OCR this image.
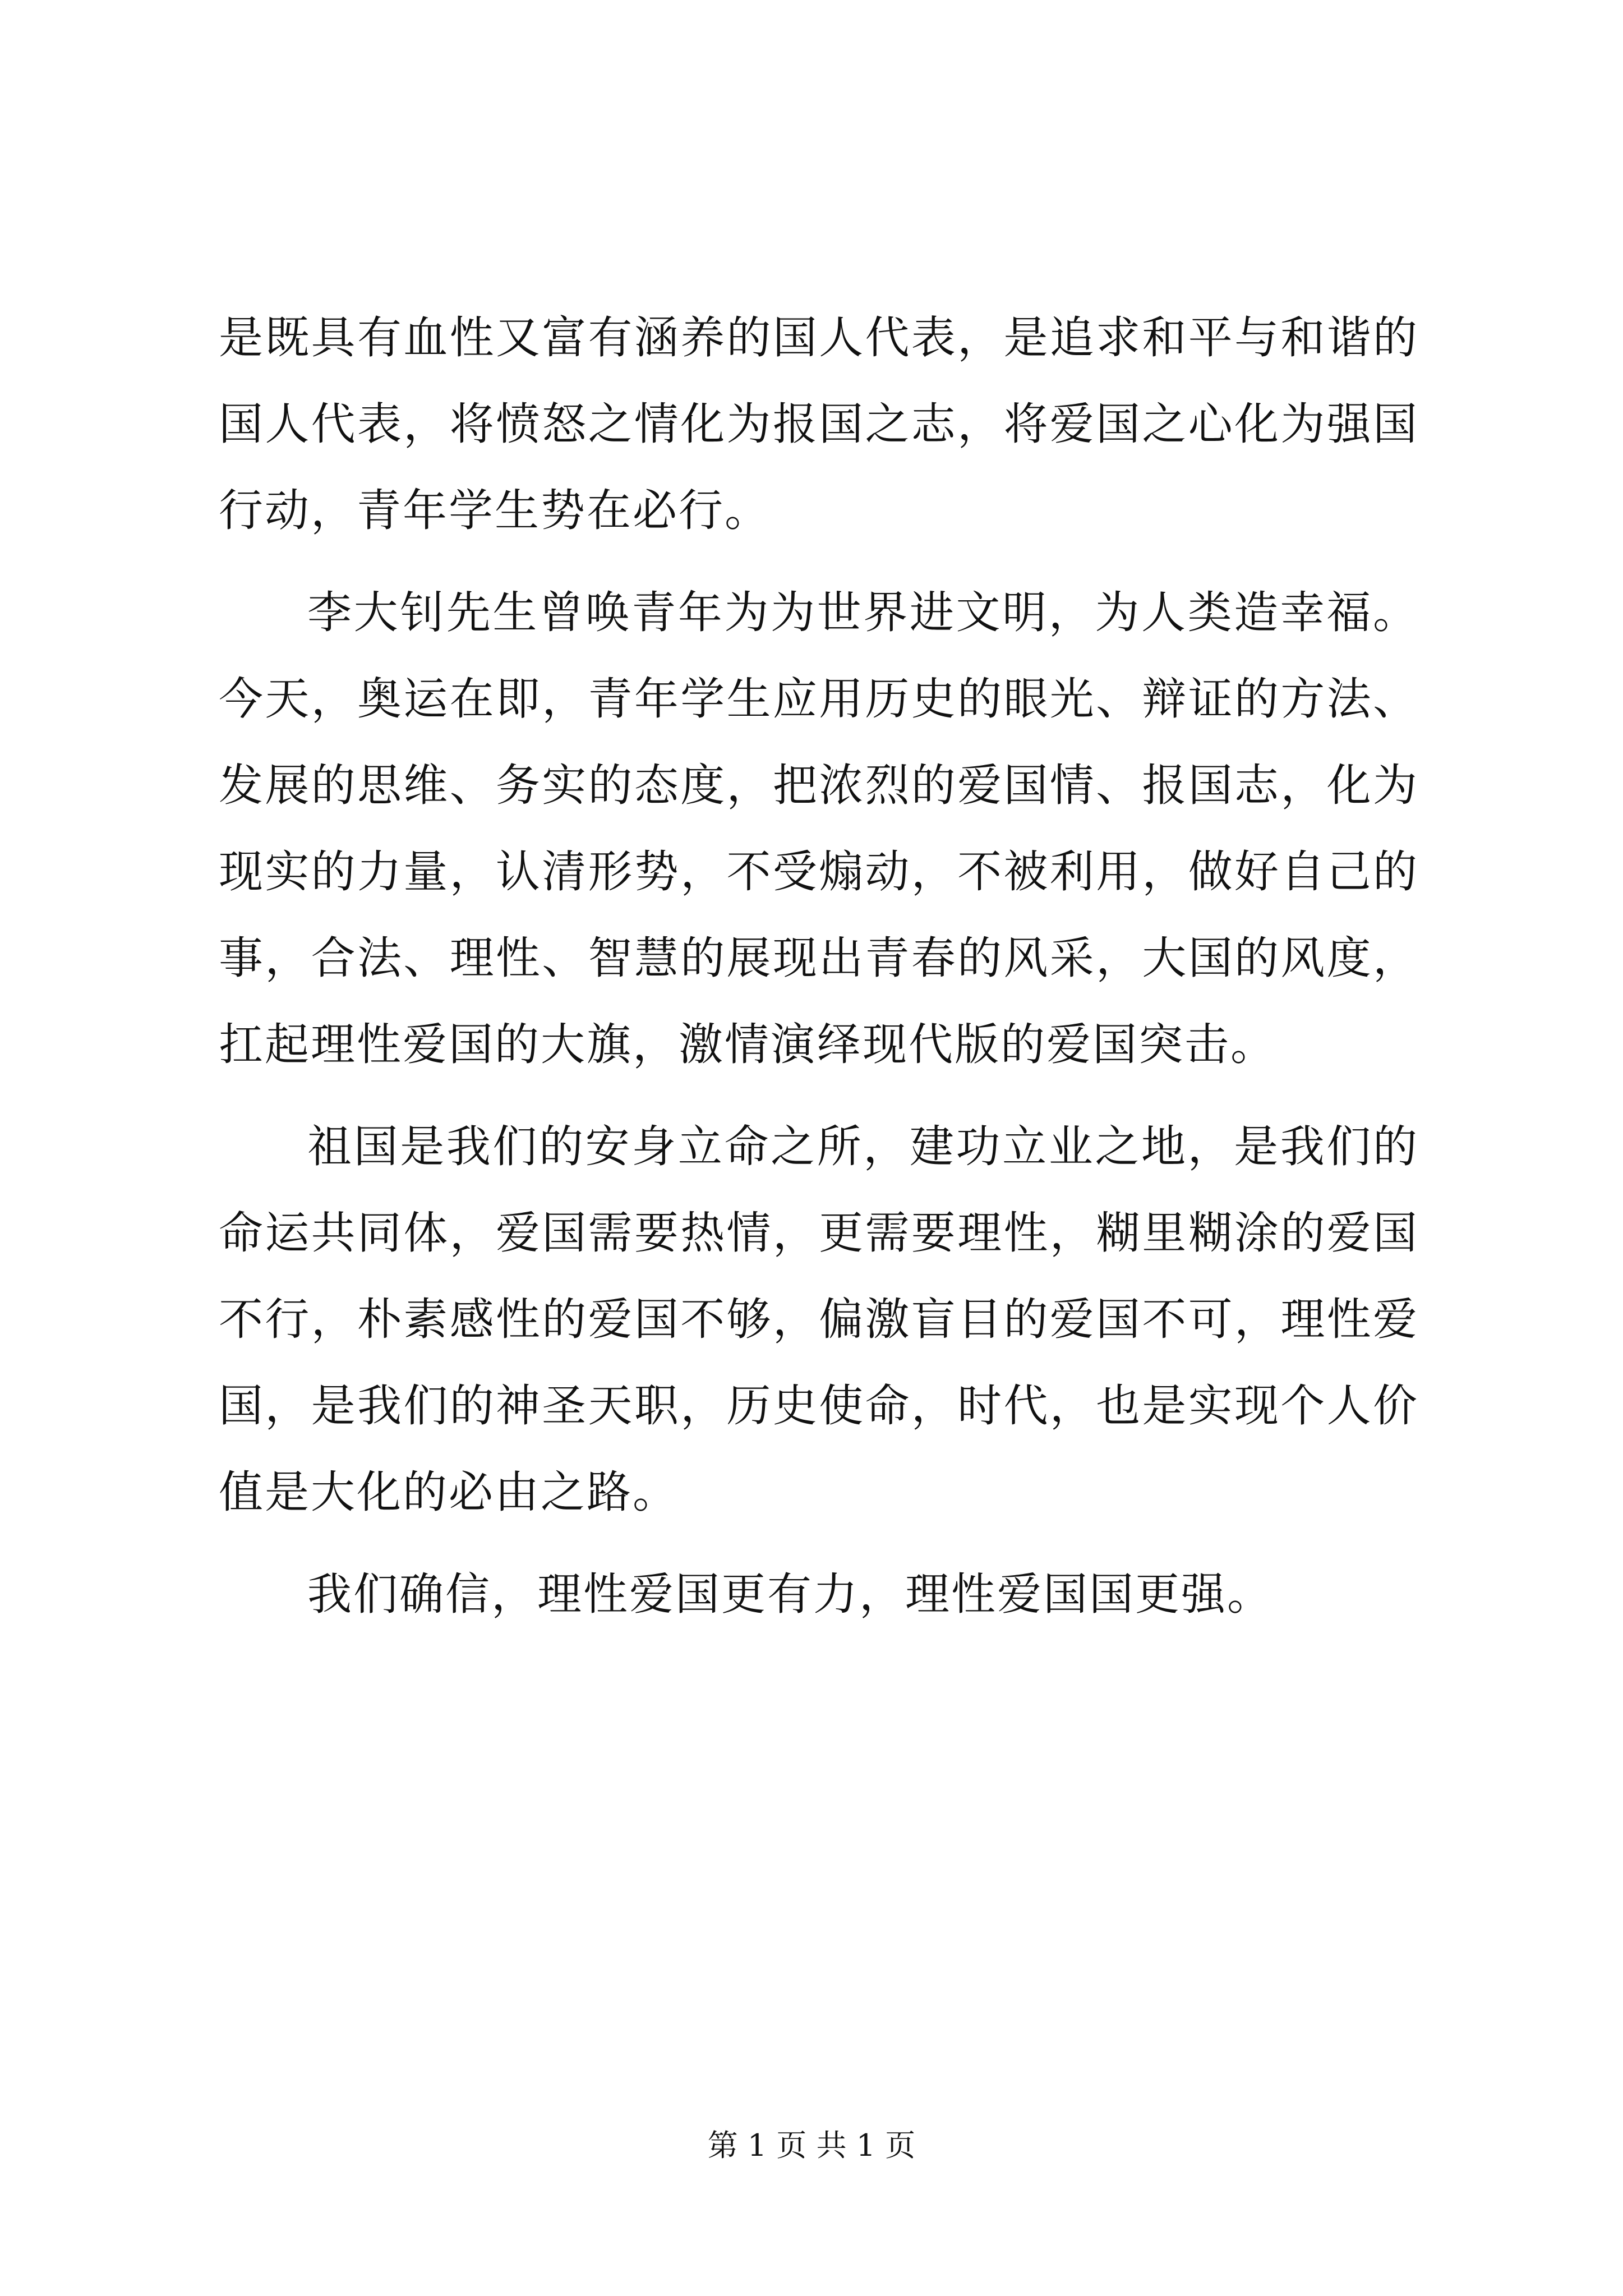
是既具有血性又富有涵养的国人代表，是追求和平与和谐的国人代表，将愤怒之情化为报国之志，将爱国之心化为强国行动，青年学生势在必行。

李大钊先生曾唤青年为为世界进文明，为人类造幸福。今天，奥运在即，青年学生应用历史的眼光、辩证的方法、发展的思维、务实的态度，把浓烈的爱国情、报国志，化为现实的力量，认清形势，不受煽动，不被利用，做好自己的事，合法、理性、智慧的展现出青春的风采，大国的风度，扛起理性爱国的大旗，激情演绎现代版的爱国突击。

祖国是我们的安身立命之所，建功立业之地，是我们的命运共同体，爱国需要热情，更需要理性，糊里糊涂的爱国不行，朴素感性的爱国不够，偏激盲目的爱国不可，理性爱国，是我们的神圣天职，历史使命，时代，也是实现个人价值是大化的必由之路。

我们确信，理性爱国更有力，理性爱国国更强。

第 1 页 共 1 页
